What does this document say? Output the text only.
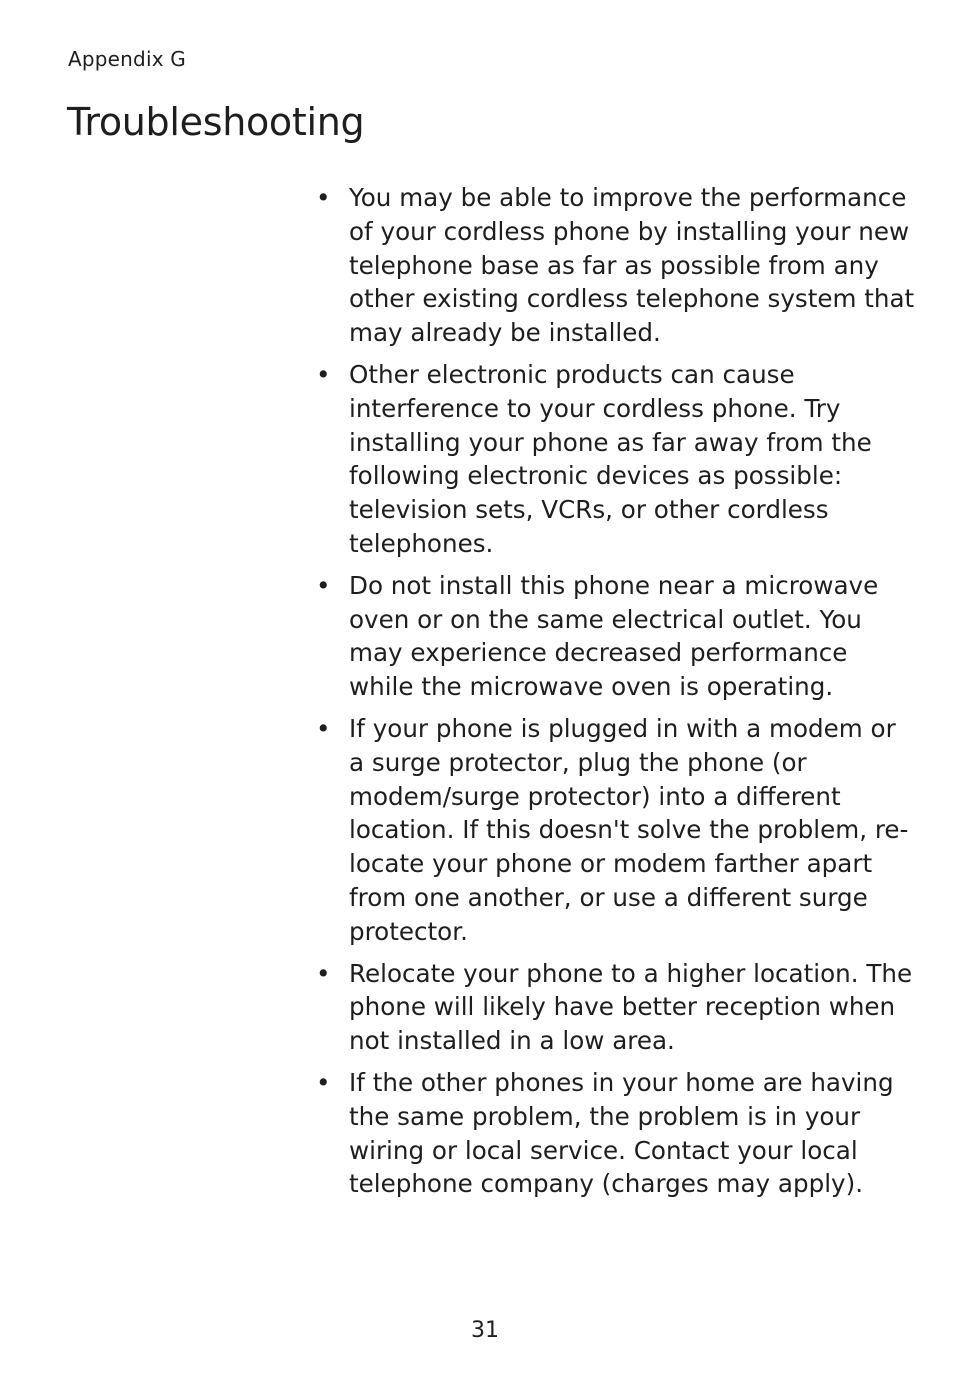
Appendix G
Troubleshooting
• You may be able to improve the performance of your cordless phone by installing your new telephone base as far as possible from any other existing cordless telephone system that may already be installed.
• Other electronic products can cause interference to your cordless phone. Try installing your phone as far away from the following electronic devices as possible: television sets, VCRs, or other cordless telephones.
• Do not install this phone near a microwave oven or on the same electrical outlet. You may experience decreased performance while the microwave oven is operating.
• If your phone is plugged in with a modem or a surge protector, plug the phone (or modem/surge protector) into a different location. If this doesn't solve the problem, re-locate your phone or modem farther apart from one another, or use a different surge protector.
• Relocate your phone to a higher location. The phone will likely have better reception when not installed in a low area.
• If the other phones in your home are having the same problem, the problem is in your wiring or local service. Contact your local telephone company (charges may apply).
31
